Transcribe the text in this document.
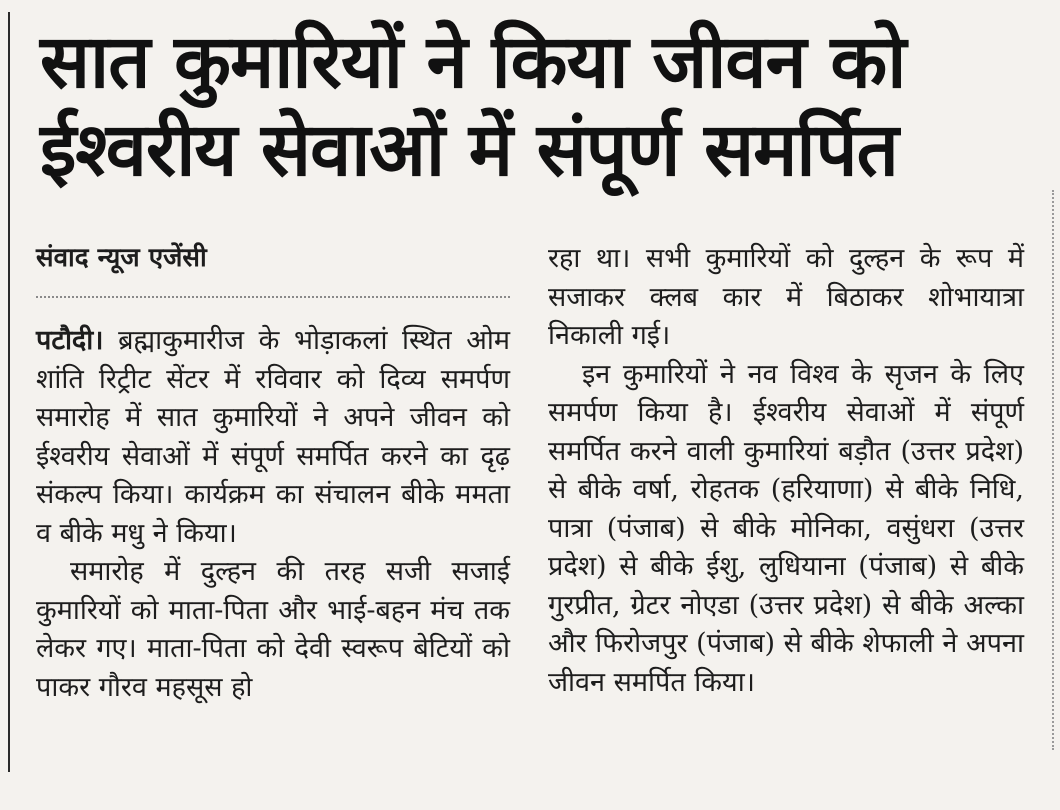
सात कुमारियों ने किया जीवन को
ईश्वरीय सेवाओं में संपूर्ण समर्पित
संवाद न्यूज एजेंसी
पटौदी। ब्रह्माकुमारीज के भोड़ाकलां स्थित ओम शांति रिट्रीट सेंटर में रविवार को दिव्य समर्पण समारोह में सात कुमारियों ने अपने जीवन को ईश्वरीय सेवाओं में संपूर्ण समर्पित करने का दृढ़ संकल्प किया। कार्यक्रम का संचालन बीके ममता व बीके मधु ने किया।
समारोह में दुल्हन की तरह सजी सजाई कुमारियों को माता-पिता और भाई-बहन मंच तक लेकर गए। माता-पिता को देवी स्वरूप बेटियों को पाकर गौरव महसूस हो
रहा था। सभी कुमारियों को दुल्हन के रूप में सजाकर क्लब कार में बिठाकर शोभायात्रा निकाली गई।
इन कुमारियों ने नव विश्व के सृजन के लिए समर्पण किया है। ईश्वरीय सेवाओं में संपूर्ण समर्पित करने वाली कुमारियां बड़ौत (उत्तर प्रदेश) से बीके वर्षा, रोहतक (हरियाणा) से बीके निधि, पात्रा (पंजाब) से बीके मोनिका, वसुंधरा (उत्तर प्रदेश) से बीके ईशु, लुधियाना (पंजाब) से बीके गुरप्रीत, ग्रेटर नोएडा (उत्तर प्रदेश) से बीके अल्का और फिरोजपुर (पंजाब) से बीके शेफाली ने अपना जीवन समर्पित किया।
